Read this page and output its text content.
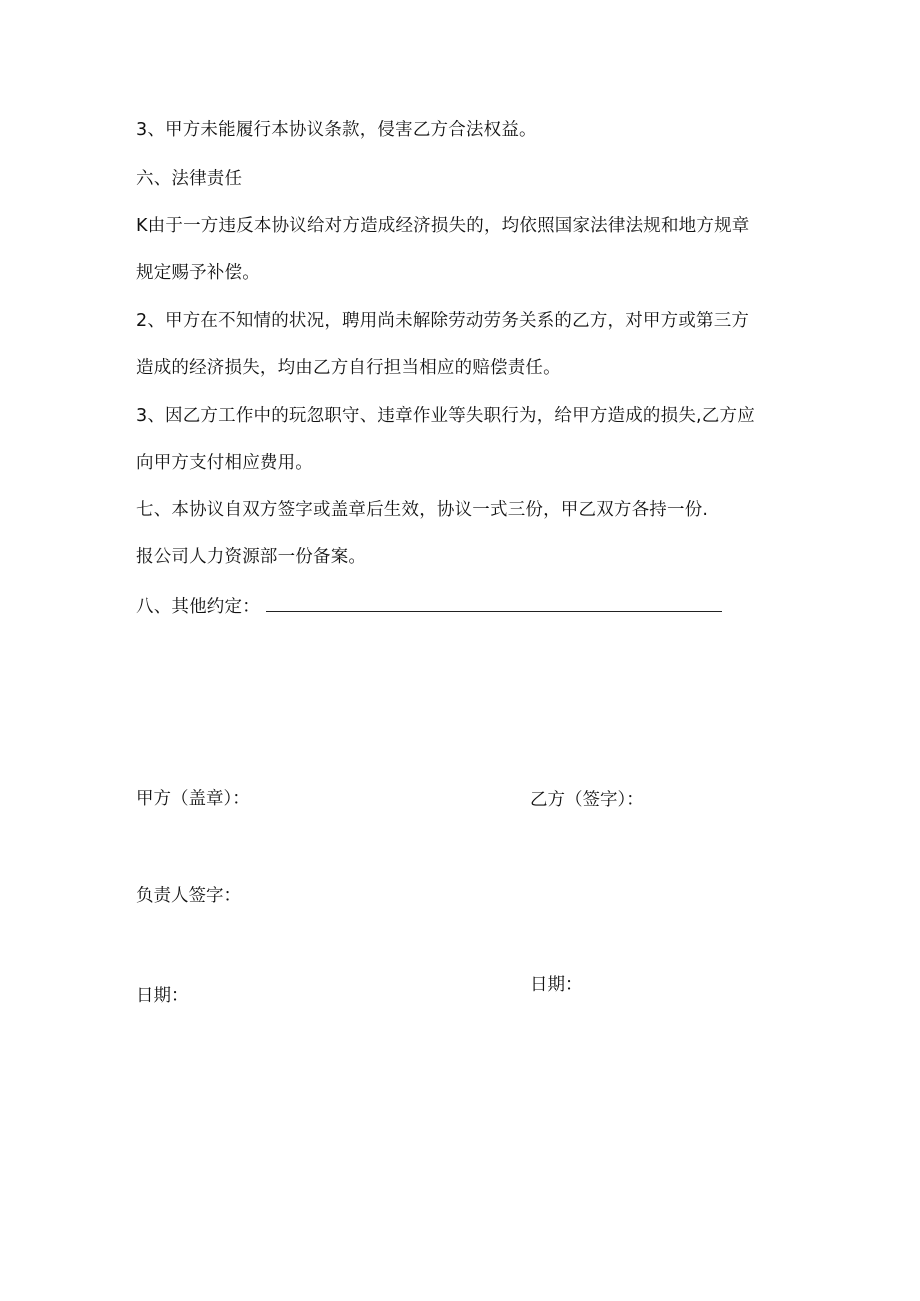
3、甲方未能履行本协议条款，侵害乙方合法权益。
六、法律责任
K由于一方违反本协议给对方造成经济损失的，均依照国家法律法规和地方规章
规定赐予补偿。
2、甲方在不知情的状况，聘用尚未解除劳动劳务关系的乙方，对甲方或第三方
造成的经济损失，均由乙方自行担当相应的赔偿责任。
3、因乙方工作中的玩忽职守、违章作业等失职行为，给甲方造成的损失,乙方应
向甲方支付相应费用。
七、本协议自双方签字或盖章后生效，协议一式三份，甲乙双方各持一份.
报公司人力资源部一份备案。
八、其他约定：
甲方（盖章）：	乙方（签字）：
负责人签字：
日期：
日期：
